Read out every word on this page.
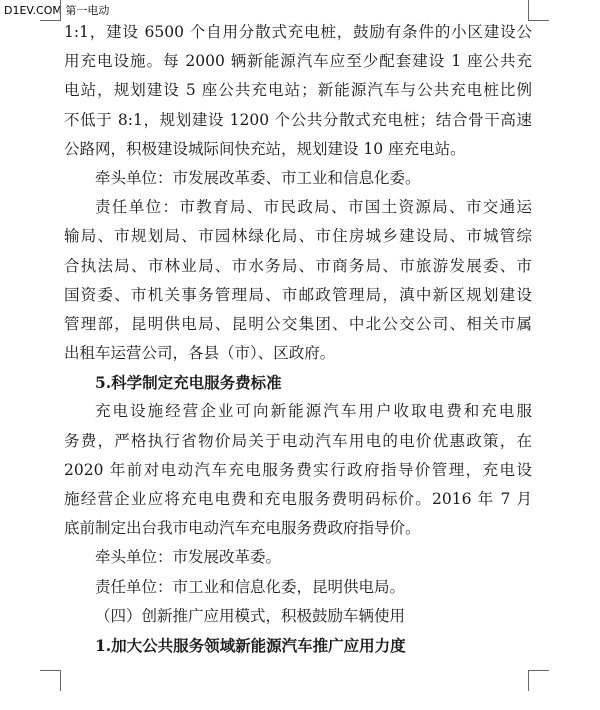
D1EV.COM 第一电动
1:1，建设 6500 个自用分散式充电桩，鼓励有条件的小区建设公
用充电设施。每 2000 辆新能源汽车应至少配套建设 1 座公共充
电站，规划建设 5 座公共充电站；新能源汽车与公共充电桩比例
不低于 8:1，规划建设 1200 个公共分散式充电桩；结合骨干高速
公路网，积极建设城际间快充站，规划建设 10 座充电站。
牵头单位：市发展改革委、市工业和信息化委。
责任单位：市教育局、市民政局、市国土资源局、市交通运
输局、市规划局、市园林绿化局、市住房城乡建设局、市城管综
合执法局、市林业局、市水务局、市商务局、市旅游发展委、市
国资委、市机关事务管理局、市邮政管理局，滇中新区规划建设
管理部，昆明供电局、昆明公交集团、中北公交公司、相关市属
出租车运营公司，各县（市）、区政府。
5.科学制定充电服务费标准
充电设施经营企业可向新能源汽车用户收取电费和充电服
务费，严格执行省物价局关于电动汽车用电的电价优惠政策，在
2020 年前对电动汽车充电服务费实行政府指导价管理，充电设
施经营企业应将充电电费和充电服务费明码标价。2016 年 7 月
底前制定出台我市电动汽车充电服务费政府指导价。
牵头单位：市发展改革委。
责任单位：市工业和信息化委，昆明供电局。
（四）创新推广应用模式，积极鼓励车辆使用
1.加大公共服务领域新能源汽车推广应用力度
